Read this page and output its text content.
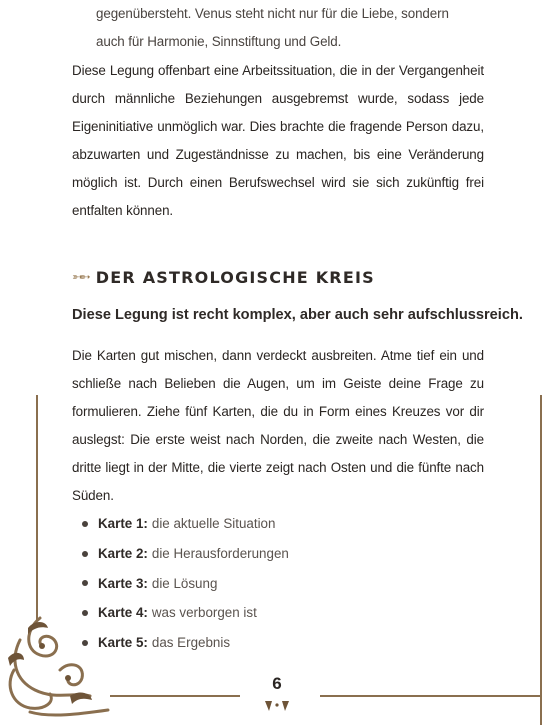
gegenübersteht. Venus steht nicht nur für die Liebe, sondern
auch für Harmonie, Sinnstiftung und Geld.
Diese Legung offenbart eine Arbeitssituation, die in der Vergangenheit durch männliche Beziehungen ausgebremst wurde, sodass jede Eigeninitiative unmöglich war. Dies brachte die fragende Person dazu, abzuwarten und Zugeständnisse zu machen, bis eine Veränderung möglich ist. Durch einen Berufswechsel wird sie sich zukünftig frei entfalten können.
➳➳ DER ASTROLOGISCHE KREIS
Diese Legung ist recht komplex, aber auch sehr aufschlussreich.
Die Karten gut mischen, dann verdeckt ausbreiten. Atme tief ein und schließe nach Belieben die Augen, um im Geiste deine Frage zu formulieren. Ziehe fünf Karten, die du in Form eines Kreuzes vor dir auslegst: Die erste weist nach Norden, die zweite nach Westen, die dritte liegt in der Mitte, die vierte zeigt nach Osten und die fünfte nach Süden.
Karte 1: die aktuelle Situation
Karte 2: die Herausforderungen
Karte 3: die Lösung
Karte 4: was verborgen ist
Karte 5: das Ergebnis
6
